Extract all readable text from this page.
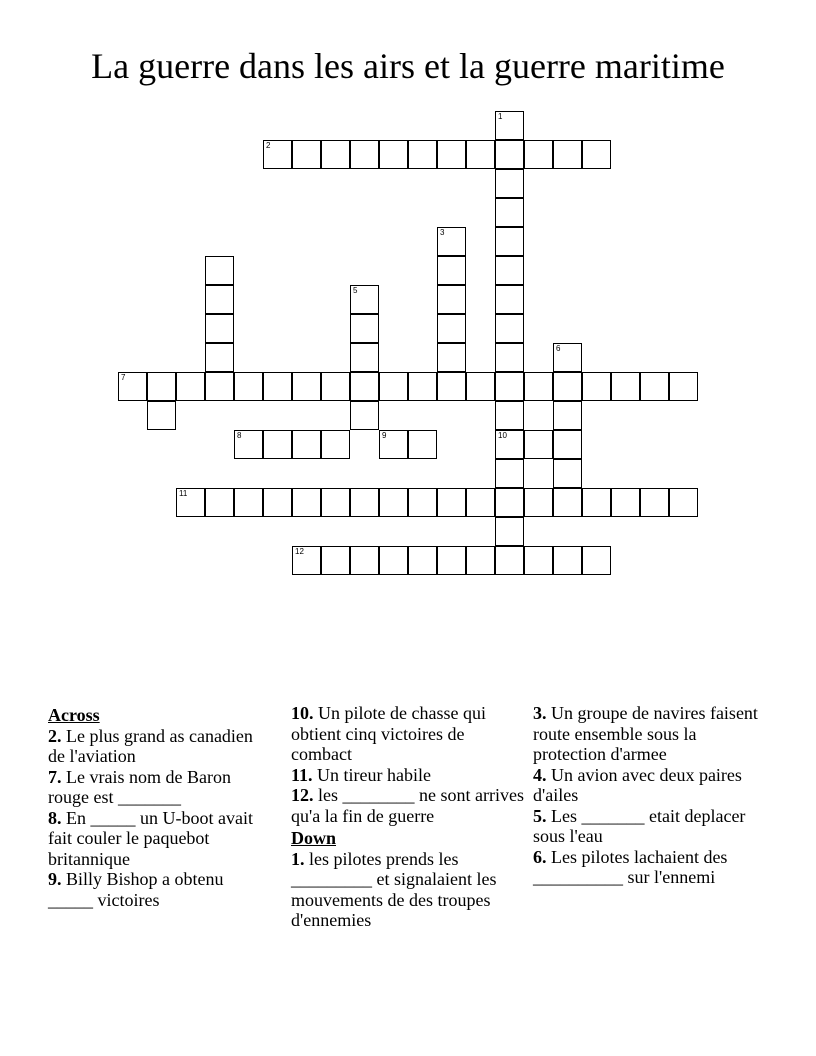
La guerre dans les airs et la guerre maritime
1
2
3
5
6
7
8	9	10
11
12
Across

2. Le plus grand as canadien de l'aviation

7. Le vrais nom de Baron rouge est _______

8. En _____ un U-boot avait fait couler le paquebot britannique

9. Billy Bishop a obtenu _____ victoires

10. Un pilote de chasse qui obtient cinq victoires de combact

11. Un tireur habile

12. les ________ ne sont arrives qu'a la fin de guerre

Down

1. les pilotes prends les _________ et signalaient les mouvements de des troupes d'ennemies

3. Un groupe de navires faisent route ensemble sous la protection d'armee

4. Un avion avec deux paires d'ailes

5. Les _______ etait deplacer sous l'eau

6. Les pilotes lachaient des __________ sur l'ennemi
